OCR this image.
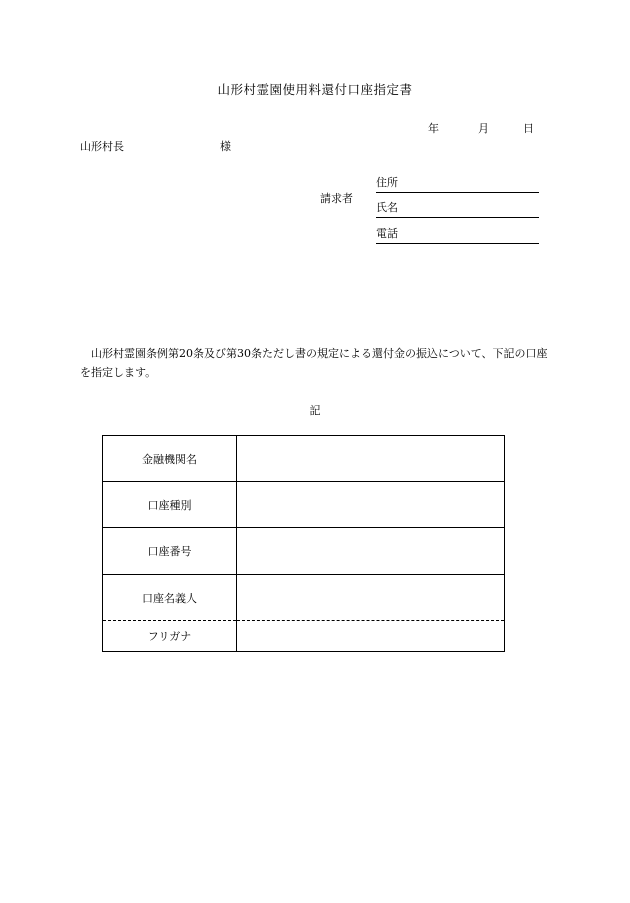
山形村霊園使用料還付口座指定書
年	月	日
山形村長	様
請求者
住所
氏名
電話
　山形村霊園条例第20条及び第30条ただし書の規定による還付金の振込について、下記の口座を指定します。
記
金融機関名	
口座種別	
口座番号	
口座名義人	
フリガナ	
